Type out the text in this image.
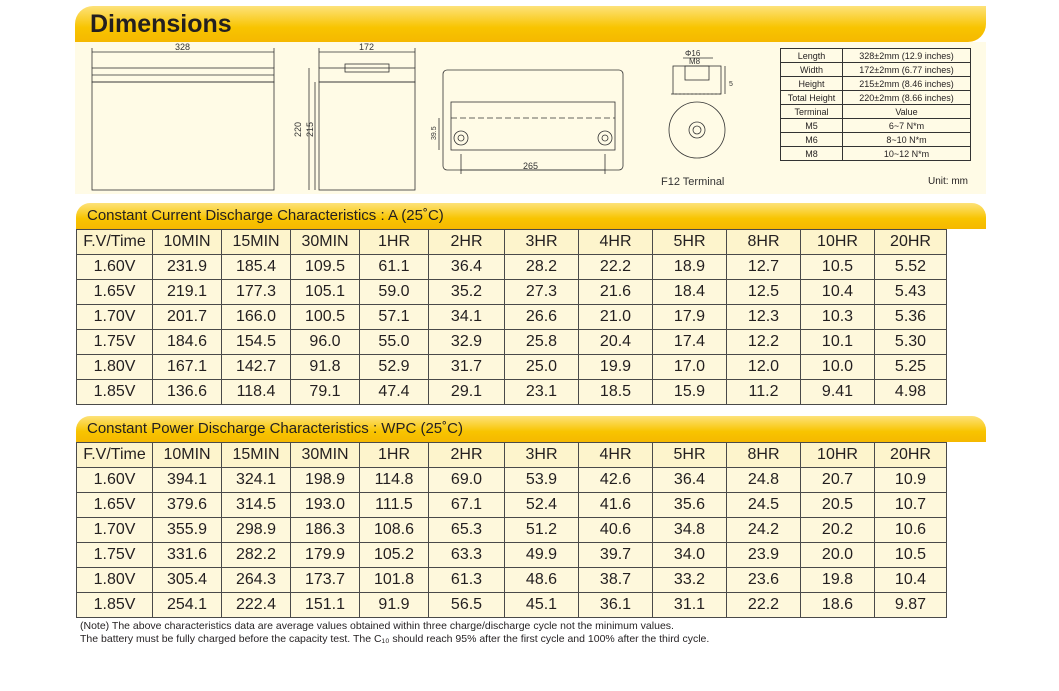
Dimensions
328	172
220 215	39.5
265
Φ16
M8
5
F12 Terminal
Length	328±2mm (12.9 inches)
Width	172±2mm (6.77 inches)
Height	215±2mm (8.46 inches)
Total Height	220±2mm (8.66 inches)
Terminal	Value
M5	6~7 N*m
M6	8~10 N*m
M8	10~12 N*m
Unit: mm
Constant Current Discharge Characteristics : A (25˚C)
F.V/Time	10MIN	15MIN	30MIN	1HR	2HR	3HR	4HR	5HR	8HR	10HR	20HR
1.60V	231.9	185.4	109.5	61.1	36.4	28.2	22.2	18.9	12.7	10.5	5.52
1.65V	219.1	177.3	105.1	59.0	35.2	27.3	21.6	18.4	12.5	10.4	5.43
1.70V	201.7	166.0	100.5	57.1	34.1	26.6	21.0	17.9	12.3	10.3	5.36
1.75V	184.6	154.5	96.0	55.0	32.9	25.8	20.4	17.4	12.2	10.1	5.30
1.80V	167.1	142.7	91.8	52.9	31.7	25.0	19.9	17.0	12.0	10.0	5.25
1.85V	136.6	118.4	79.1	47.4	29.1	23.1	18.5	15.9	11.2	9.41	4.98
Constant Power Discharge Characteristics : WPC (25˚C)
F.V/Time	10MIN	15MIN	30MIN	1HR	2HR	3HR	4HR	5HR	8HR	10HR	20HR
1.60V	394.1	324.1	198.9	114.8	69.0	53.9	42.6	36.4	24.8	20.7	10.9
1.65V	379.6	314.5	193.0	111.5	67.1	52.4	41.6	35.6	24.5	20.5	10.7
1.70V	355.9	298.9	186.3	108.6	65.3	51.2	40.6	34.8	24.2	20.2	10.6
1.75V	331.6	282.2	179.9	105.2	63.3	49.9	39.7	34.0	23.9	20.0	10.5
1.80V	305.4	264.3	173.7	101.8	61.3	48.6	38.7	33.2	23.6	19.8	10.4
1.85V	254.1	222.4	151.1	91.9	56.5	45.1	36.1	31.1	22.2	18.6	9.87
(Note) The above characteristics data are average values obtained within three charge/discharge cycle not the minimum values.
The battery must be fully charged before the capacity test. The C₁₀ should reach 95% after the first cycle and 100% after the third cycle.
